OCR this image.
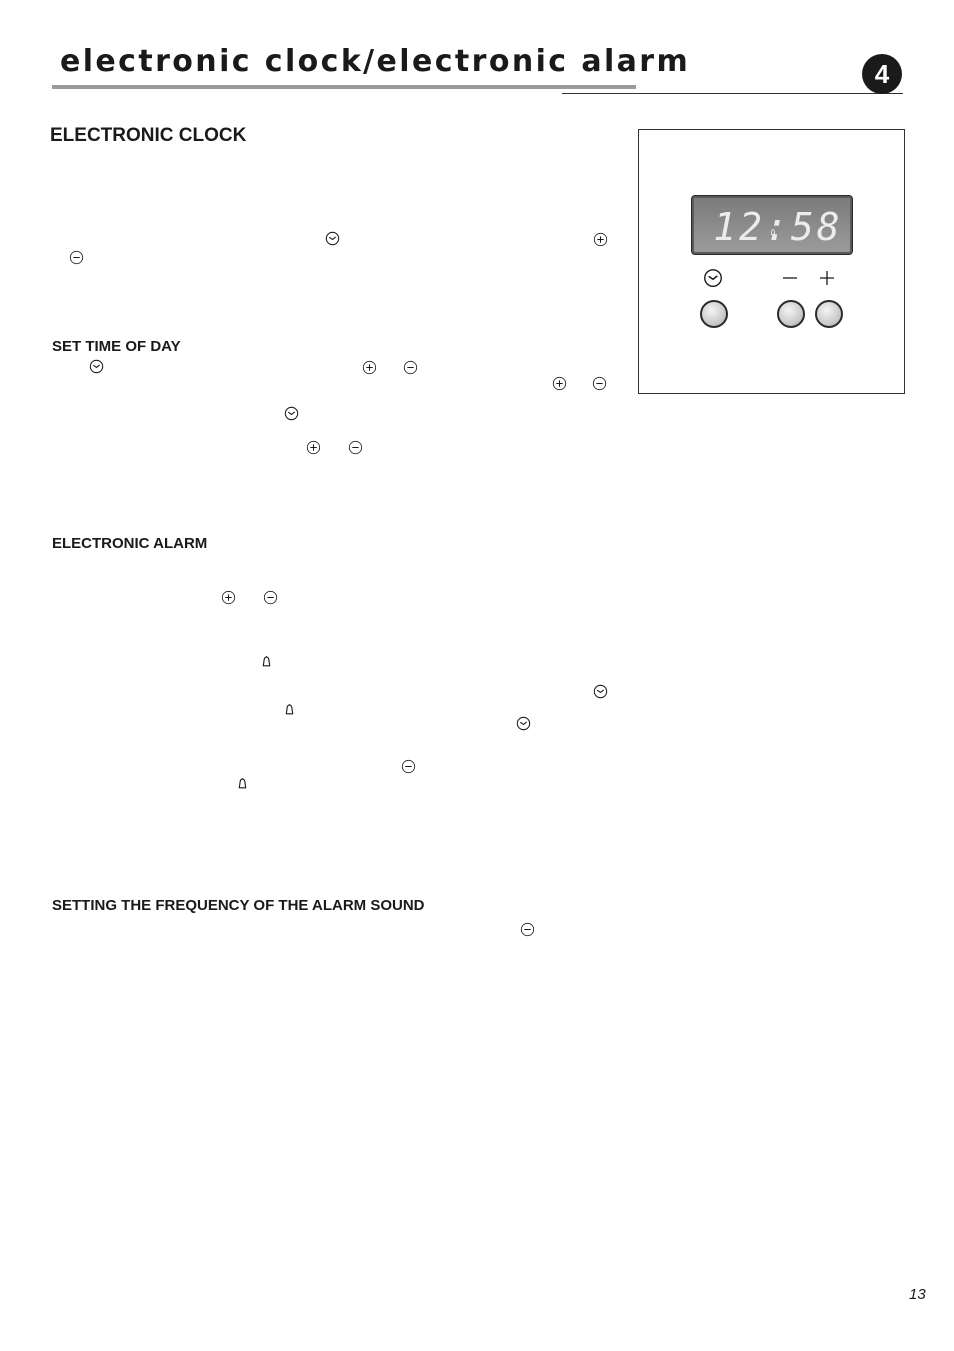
electronic clock/electronic alarm	4
ELECTRONIC CLOCK
SET TIME OF DAY
ELECTRONIC ALARM
SETTING THE FREQUENCY OF THE ALARM SOUND
12:58
13
